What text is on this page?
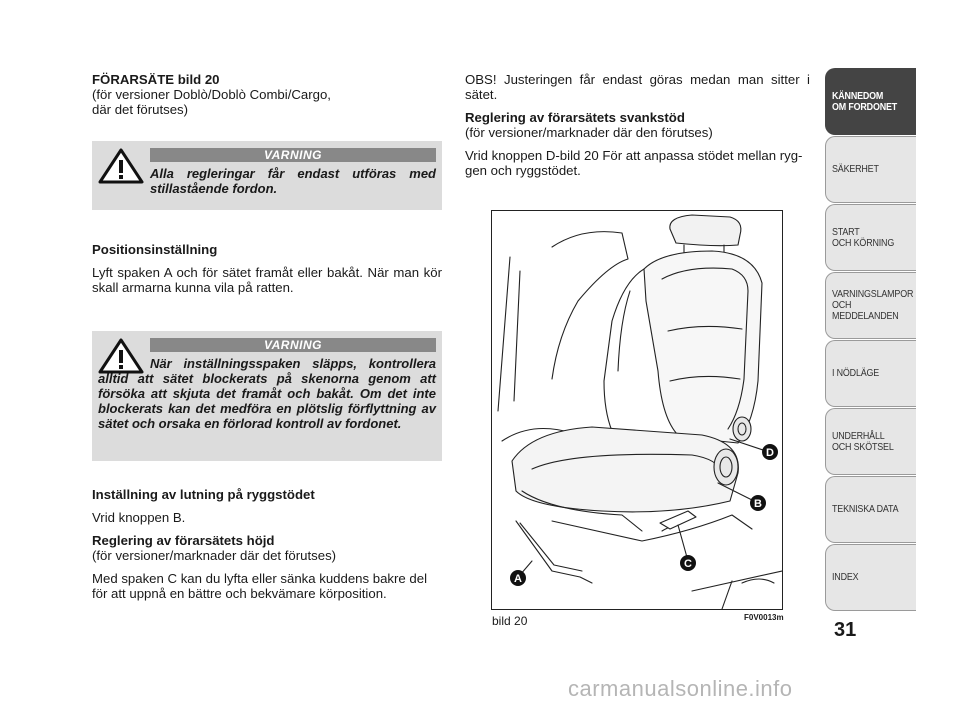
FÖRARSÄTE bild 20

(för versioner Doblò/Doblò Combi/Cargo,

där det förutses)

VARNING
Alla regleringar får endast utföras med stillastående fordon.

Positionsinställning

Lyft spaken A och för sätet framåt eller bakåt. När man kör skall armarna kunna vila på ratten.

VARNING
När inställningsspaken släpps, kontrollera alltid att sätet blockerats på skenorna genom att försöka att skjuta det framåt och bakåt. Om det inte blockerats kan det medföra en plötslig förflyttning av sätet och orsaka en förlorad kontroll av fordonet.

Inställning av lutning på ryggstödet

Vrid knoppen B.

Reglering av förarsätets höjd

(för versioner/marknader där det förutses)

Med spaken C kan du lyfta eller sänka kuddens bakre del för att uppnå en bättre och bekvämare körposition.

OBS! Justeringen får endast göras medan man sitter i sätet.

Reglering av förarsätets svankstöd

(för versioner/marknader där den förutses)

Vrid knoppen D-bild 20 För att anpassa stödet mellan ryg-gen och ryggstödet.

D
B
C
A
bild 20	F0V0013m
KÄNNEDOM
OM FORDONET
SÄKERHET
START
OCH KÖRNING
VARNINGSLAMPOR
OCH
MEDDELANDEN
I NÖDLÄGE
UNDERHÅLL
OCH SKÖTSEL
TEKNISKA DATA
INDEX
31
carmanualsonline.info
